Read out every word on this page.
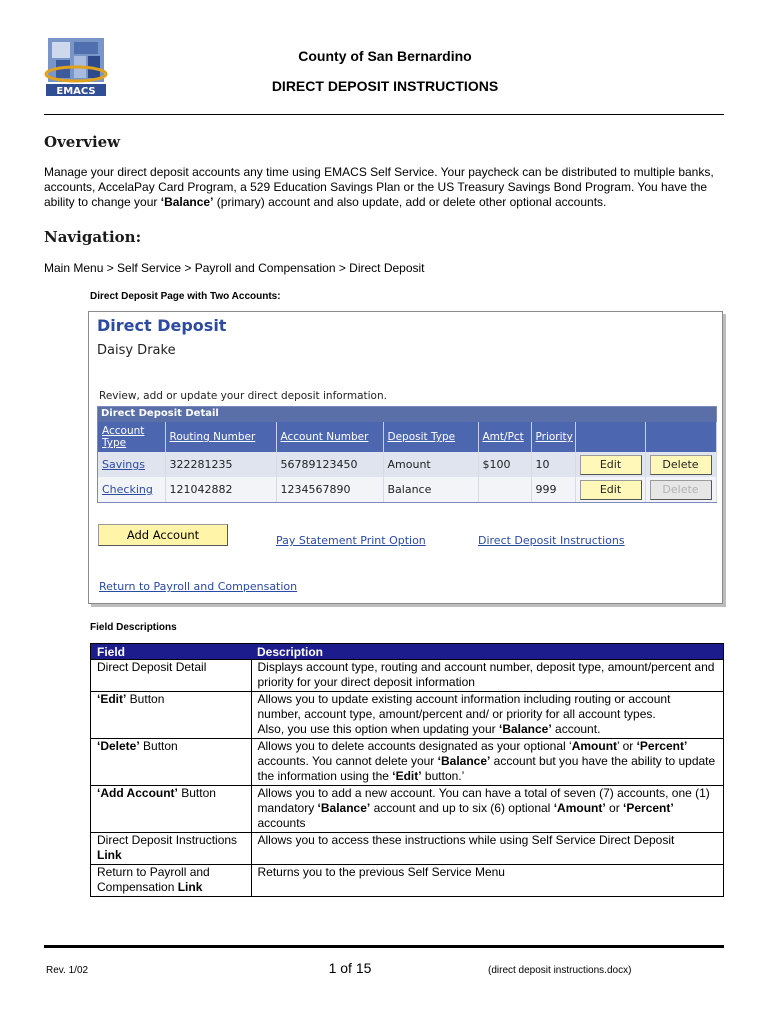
EMACS
County of San Bernardino
DIRECT DEPOSIT INSTRUCTIONS
Overview
Manage your direct deposit accounts any time using EMACS Self Service. Your paycheck can be distributed to multiple banks, accounts, AccelaPay Card Program, a 529 Education Savings Plan or the US Treasury Savings Bond Program. You have the ability to change your ‘Balance’ (primary) account and also update, add or delete other optional accounts.
Navigation:
Main Menu > Self Service > Payroll and Compensation > Direct Deposit
Direct Deposit Page with Two Accounts:
Direct Deposit
Daisy Drake
Review, add or update your direct deposit information.
Direct Deposit Detail
Account Type	Routing Number	Account Number	Deposit Type	Amt/Pct	Priority		
Savings	322281235	56789123450	Amount	$100	10	Edit	Delete
Checking	121042882	1234567890	Balance		999	Edit	Delete
Add Account	Pay Statement Print Option	Direct Deposit Instructions
Return to Payroll and Compensation
Field Descriptions
Field	Description
Direct Deposit Detail	Displays account type, routing and account number, deposit type, amount/percent and priority for your direct deposit information
‘Edit’ Button	Allows you to update existing account information including routing or account number, account type, amount/percent and/ or priority for all account types.
Also, you use this option when updating your ‘Balance’ account.
‘Delete’ Button	Allows you to delete accounts designated as your optional ‘Amount’ or ‘Percent’ accounts. You cannot delete your ‘Balance’ account but you have the ability to update the information using the ‘Edit’ button.’
‘Add Account’ Button	Allows you to add a new account. You can have a total of seven (7) accounts, one (1) mandatory ‘Balance’ account and up to six (6) optional ‘Amount’ or ‘Percent’ accounts
Direct Deposit Instructions Link	Allows you to access these instructions while using Self Service Direct Deposit
Return to Payroll and Compensation Link	Returns you to the previous Self Service Menu
Rev. 1/02	1 of 15	(direct deposit instructions.docx)
